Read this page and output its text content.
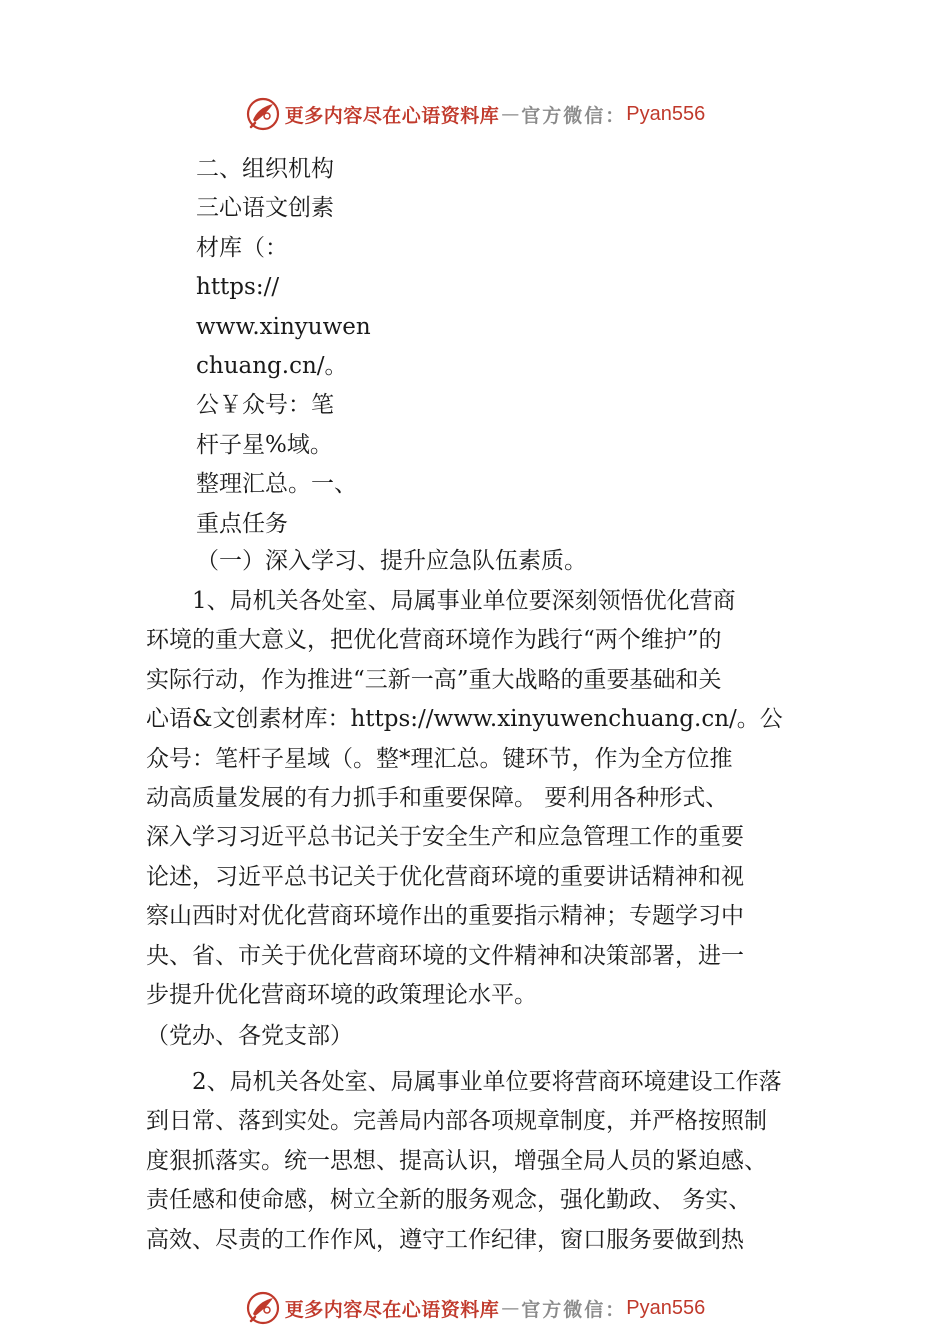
更多内容尽在心语资料库 — 官方微信： Pyan556
二、组织机构
三心语文创素
材库（：
https://
www.xinyuwen
chuang.cn/。
公￥众号：笔
杆子星%域。
整理汇总。一、
重点任务
（一）深入学习、提升应急队伍素质。
1、局机关各处室、局属事业单位要深刻领悟优化营商
环境的重大意义，把优化营商环境作为践行“两个维护”的
实际行动，作为推进“三新一高”重大战略的重要基础和关
心语&文创素材库：https://www.xinyuwenchuang.cn/。公
众号：笔杆子星域（。整*理汇总。键环节，作为全方位推
动高质量发展的有力抓手和重要保障。 要利用各种形式、
深入学习习近平总书记关于安全生产和应急管理工作的重要
论述，习近平总书记关于优化营商环境的重要讲话精神和视
察山西时对优化营商环境作出的重要指示精神；专题学习中
央、省、市关于优化营商环境的文件精神和决策部署，进一
步提升优化营商环境的政策理论水平。
（党办、各党支部）
2、局机关各处室、局属事业单位要将营商环境建设工作落
到日常、落到实处。完善局内部各项规章制度，并严格按照制
度狠抓落实。统一思想、提高认识，增强全局人员的紧迫感、
责任感和使命感，树立全新的服务观念，强化勤政、 务实、
高效、尽责的工作作风，遵守工作纪律，窗口服务要做到热
更多内容尽在心语资料库 — 官方微信： Pyan556
